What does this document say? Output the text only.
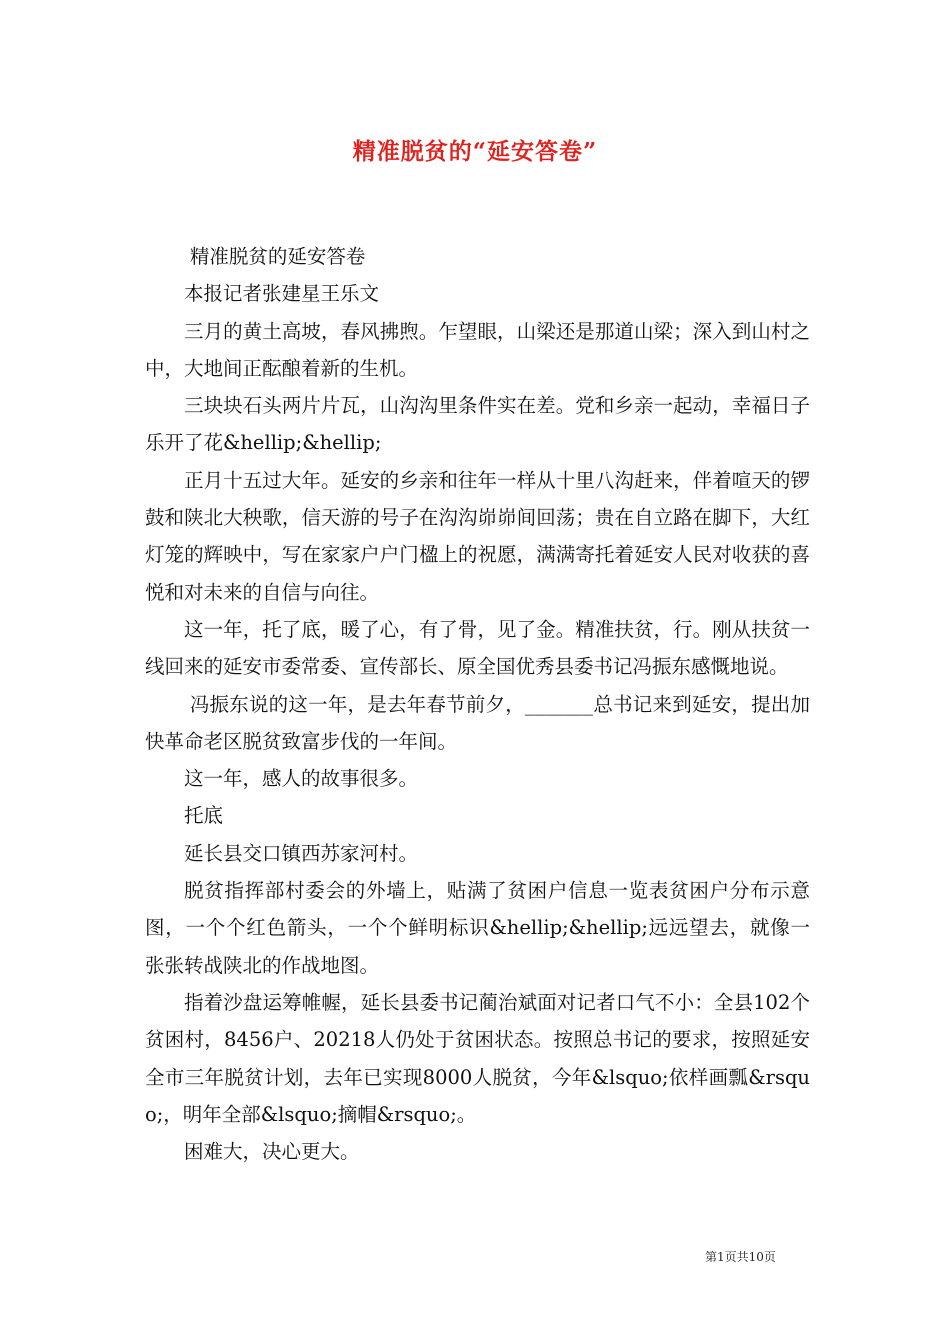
精准脱贫的“延安答卷”

精准脱贫的延安答卷

本报记者张建星王乐文

三月的黄土高坡，春风拂煦。乍望眼，山梁还是那道山梁；深入到山村之中，大地间正酝酿着新的生机。

三块块石头两片片瓦，山沟沟里条件实在差。党和乡亲一起动，幸福日子乐开了花&hellip;&hellip;

正月十五过大年。延安的乡亲和往年一样从十里八沟赶来，伴着喧天的锣鼓和陕北大秧歌，信天游的号子在沟沟峁峁间回荡；贵在自立路在脚下，大红灯笼的辉映中，写在家家户户门楹上的祝愿，满满寄托着延安人民对收获的喜悦和对未来的自信与向往。

这一年，托了底，暖了心，有了骨，见了金。精准扶贫，行。刚从扶贫一线回来的延安市委常委、宣传部长、原全国优秀县委书记冯振东感慨地说。

冯振东说的这一年，是去年春节前夕，_______总书记来到延安，提出加快革命老区脱贫致富步伐的一年间。

这一年，感人的故事很多。

托底

延长县交口镇西苏家河村。

脱贫指挥部村委会的外墙上，贴满了贫困户信息一览表贫困户分布示意图，一个个红色箭头，一个个鲜明标识&hellip;&hellip;远远望去，就像一张张转战陕北的作战地图。

指着沙盘运筹帷幄，延长县委书记蔺治斌面对记者口气不小：全县102个贫困村，8456户、20218人仍处于贫困状态。按照总书记的要求，按照延安全市三年脱贫计划，去年已实现8000人脱贫，今年&lsquo;依样画瓢&rsquo;，明年全部&lsquo;摘帽&rsquo;。

困难大，决心更大。

第1页共10页
